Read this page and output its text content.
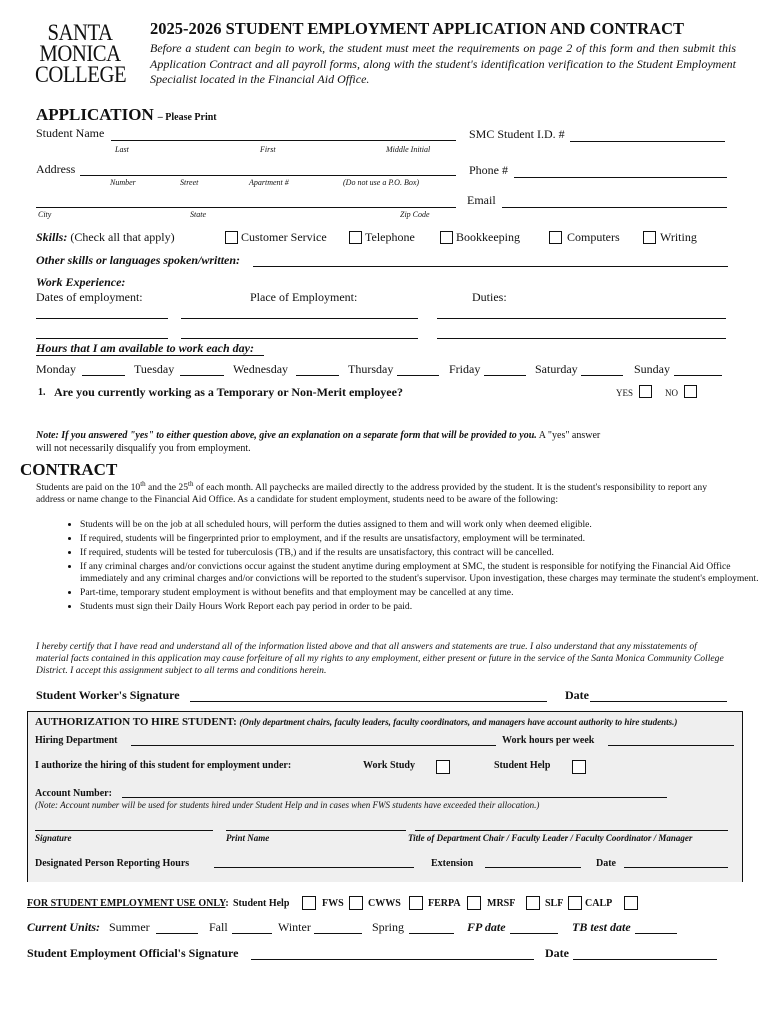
SANTA
MONICA
COLLEGE
2025-2026 STUDENT EMPLOYMENT APPLICATION AND CONTRACT
Before a student can begin to work, the student must meet the requirements on page 2 of this form and then submit this Application Contract and all payroll forms, along with the student's identification verification to the Student Employment Specialist located in the Financial Aid Office.
APPLICATION – Please Print
Student Name
Last	First	Middle Initial
SMC Student I.D. #
Address
Number	Street	Apartment #	(Do not use a P.O. Box)
Phone #
City	State	Zip Code
Email
Skills: (Check all that apply)	Customer Service	Telephone	Bookkeeping	Computers	Writing
Other skills or languages spoken/written:
Work Experience:
Dates of employment:	Place of Employment:	Duties:
Hours that I am available to work each day:
Monday	Tuesday	Wednesday	Thursday	Friday	Saturday	Sunday
1. Are you currently working as a Temporary or Non-Merit employee?	YES	NO
Note: If you answered "yes" to either question above, give an explanation on a separate form that will be provided to you. A "yes" answer
will not necessarily disqualify you from employment.
CONTRACT
Students are paid on the 10th and the 25th of each month. All paychecks are mailed directly to the address provided by the student. It is the student's responsibility to report any address or name change to the Financial Aid Office. As a candidate for student employment, students need to be aware of the following:
• Students will be on the job at all scheduled hours, will perform the duties assigned to them and will work only when deemed eligible.
• If required, students will be fingerprinted prior to employment, and if the results are unsatisfactory, employment will be terminated.
• If required, students will be tested for tuberculosis (TB,) and if the results are unsatisfactory, this contract will be cancelled.
• If any criminal charges and/or convictions occur against the student anytime during employment at SMC, the student is responsible for notifying the Financial Aid Office immediately and any criminal charges and/or convictions will be reported to the student's supervisor. Upon investigation, these charges may terminate the student's employment.
• Part-time, temporary student employment is without benefits and that employment may be cancelled at any time.
• Students must sign their Daily Hours Work Report each pay period in order to be paid.
I hereby certify that I have read and understand all of the information listed above and that all answers and statements are true. I also understand that any misstatements of material facts contained in this application may cause forfeiture of all my rights to any employment, either present or future in the service of the Santa Monica Community College District. I accept this assignment subject to all terms and conditions herein.
Student Worker's Signature	Date
AUTHORIZATION TO HIRE STUDENT: (Only department chairs, faculty leaders, faculty coordinators, and managers have account authority to hire students.)
Hiring Department	Work hours per week
I authorize the hiring of this student for employment under:	Work Study	Student Help
Account Number:
(Note: Account number will be used for students hired under Student Help and in cases when FWS students have exceeded their allocation.)
Signature	Print Name	Title of Department Chair / Faculty Leader / Faculty Coordinator / Manager
Designated Person Reporting Hours	Extension	Date
FOR STUDENT EMPLOYMENT USE ONLY: Student Help	FWS CWWS	FERPA	MRSF	SLF CALP
Current Units: Summer	Fall	Winter	Spring	FP date	TB test date
Student Employment Official's Signature	Date
